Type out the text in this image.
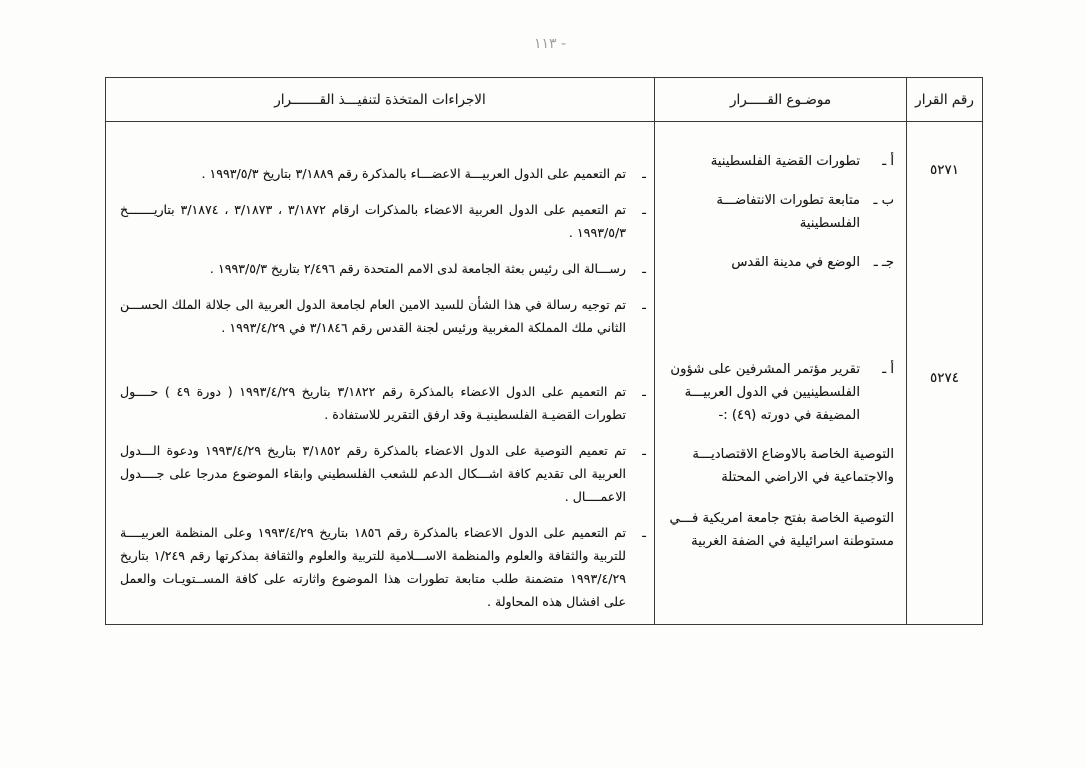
- ١١٣
رقم القرار
موضـوع القـــــرار
الاجراءات المتخذة لتنفيـــذ القـــــــرار
٥٢٧١
٥٢٧٤
أ ـ
تطورات القضية الفلسطينية
ب ـ
متابعة تطورات الانتفاضـــة الفلسطينية
جـ ـ
الوضع في مدينة القدس
أ ـ
تقرير مؤتمر المشرفين على شؤون الفلسطينيين في الدول العربيـــة المضيفة في دورته (٤٩) :-
التوصية الخاصة بالاوضاع الاقتصاديـــة والاجتماعية في الاراضي المحتلة
التوصية الخاصة بفتح جامعة امريكية فـــي مستوطنة اسرائيلية في الضفة الغربية
ـ
تم التعميم على الدول العربيـــة الاعضـــاء بالمذكرة رقم ٣/١٨٨٩ بتاريخ ١٩٩٣/٥/٣ .
ـ
تم التعميم على الدول العربية الاعضاء بالمذكرات ارقام ٣/١٨٧٢ ، ٣/١٨٧٣ ، ٣/١٨٧٤ بتاريـــــــخ ١٩٩٣/٥/٣ .
ـ
رســـالة الى رئيس بعثة الجامعة لدى الامم المتحدة رقم ٢/٤٩٦ بتاريخ ١٩٩٣/٥/٣ .
ـ
تم توجيه رسالة في هذا الشأن للسيد الامين العام لجامعة الدول العربية الى جلالة الملك الحســـن الثاني ملك المملكة المغربية ورئيس لجنة القدس رقم ٣/١٨٤٦ في ١٩٩٣/٤/٢٩ .
ـ
تم التعميم على الدول الاعضاء بالمذكرة رقم ٣/١٨٢٢ بتاريخ ١٩٩٣/٤/٢٩ ( دورة ٤٩ ) حــــول تطورات القضيـة الفلسطينيـة وقد ارفق التقرير للاستفادة .
ـ
تم تعميم التوصية على الدول الاعضاء بالمذكرة رقم ٣/١٨٥٢ بتاريخ ١٩٩٣/٤/٢٩ ودعوة الـــدول العربية الى تقديم كافة اشـــكال الدعم للشعب الفلسطيني وابقاء الموضوع مدرجا على جــــدول الاعمــــال .
ـ
تم التعميم على الدول الاعضاء بالمذكرة رقم ١٨٥٦ بتاريخ ١٩٩٣/٤/٢٩ وعلى المنظمة العربيــــة للتربية والثقافة والعلوم والمنظمة الاســـلامية للتربية والعلوم والثقافة بمذكرتها رقم ١/٢٤٩ بتاريخ ١٩٩٣/٤/٢٩ متضمنة طلب متابعة تطورات هذا الموضوع واثارته على كافة المســتويـات والعمل على افشال هذه المحاولة .
